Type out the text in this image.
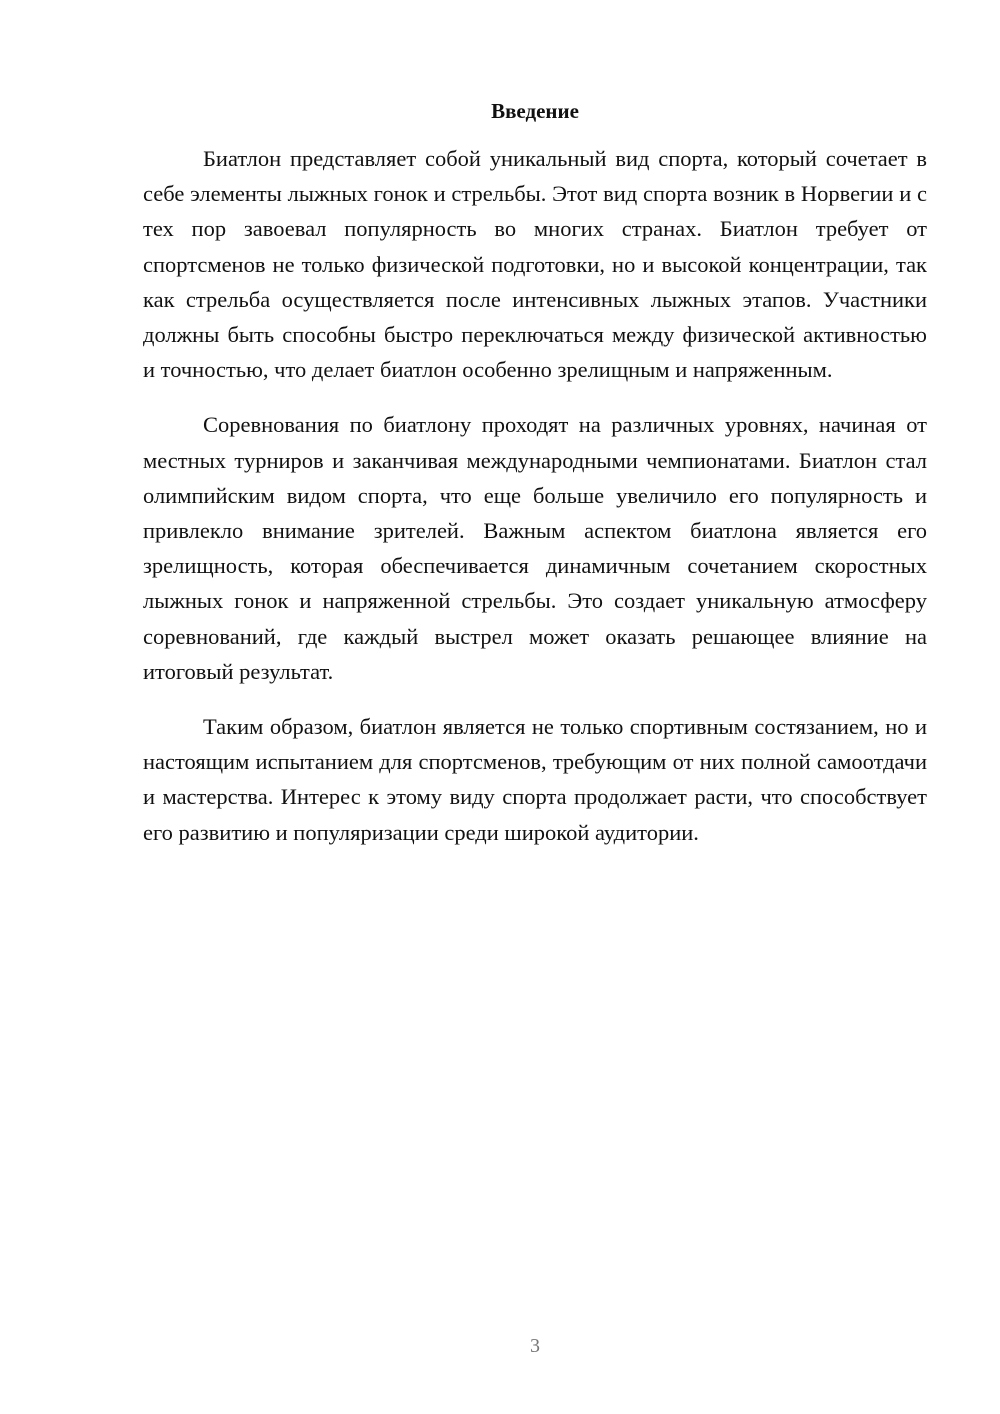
Введение

Биатлон представляет собой уникальный вид спорта, который сочетает в себе элементы лыжных гонок и стрельбы. Этот вид спорта возник в Норвегии и с тех пор завоевал популярность во многих странах. Биатлон требует от спортсменов не только физической подготовки, но и высокой концентрации, так как стрельба осуществляется после интенсивных лыжных этапов. Участники должны быть способны быстро переключаться между физической активностью и точностью, что делает биатлон особенно зрелищным и напряженным.

Соревнования по биатлону проходят на различных уровнях, начиная от местных турниров и заканчивая международными чемпионатами. Биатлон стал олимпийским видом спорта, что еще больше увеличило его популярность и привлекло внимание зрителей. Важным аспектом биатлона является его зрелищность, которая обеспечивается динамичным сочетанием скоростных лыжных гонок и напряженной стрельбы. Это создает уникальную атмосферу соревнований, где каждый выстрел может оказать решающее влияние на итоговый результат.

Таким образом, биатлон является не только спортивным состязанием, но и настоящим испытанием для спортсменов, требующим от них полной самоотдачи и мастерства. Интерес к этому виду спорта продолжает расти, что способствует его развитию и популяризации среди широкой аудитории.

3
